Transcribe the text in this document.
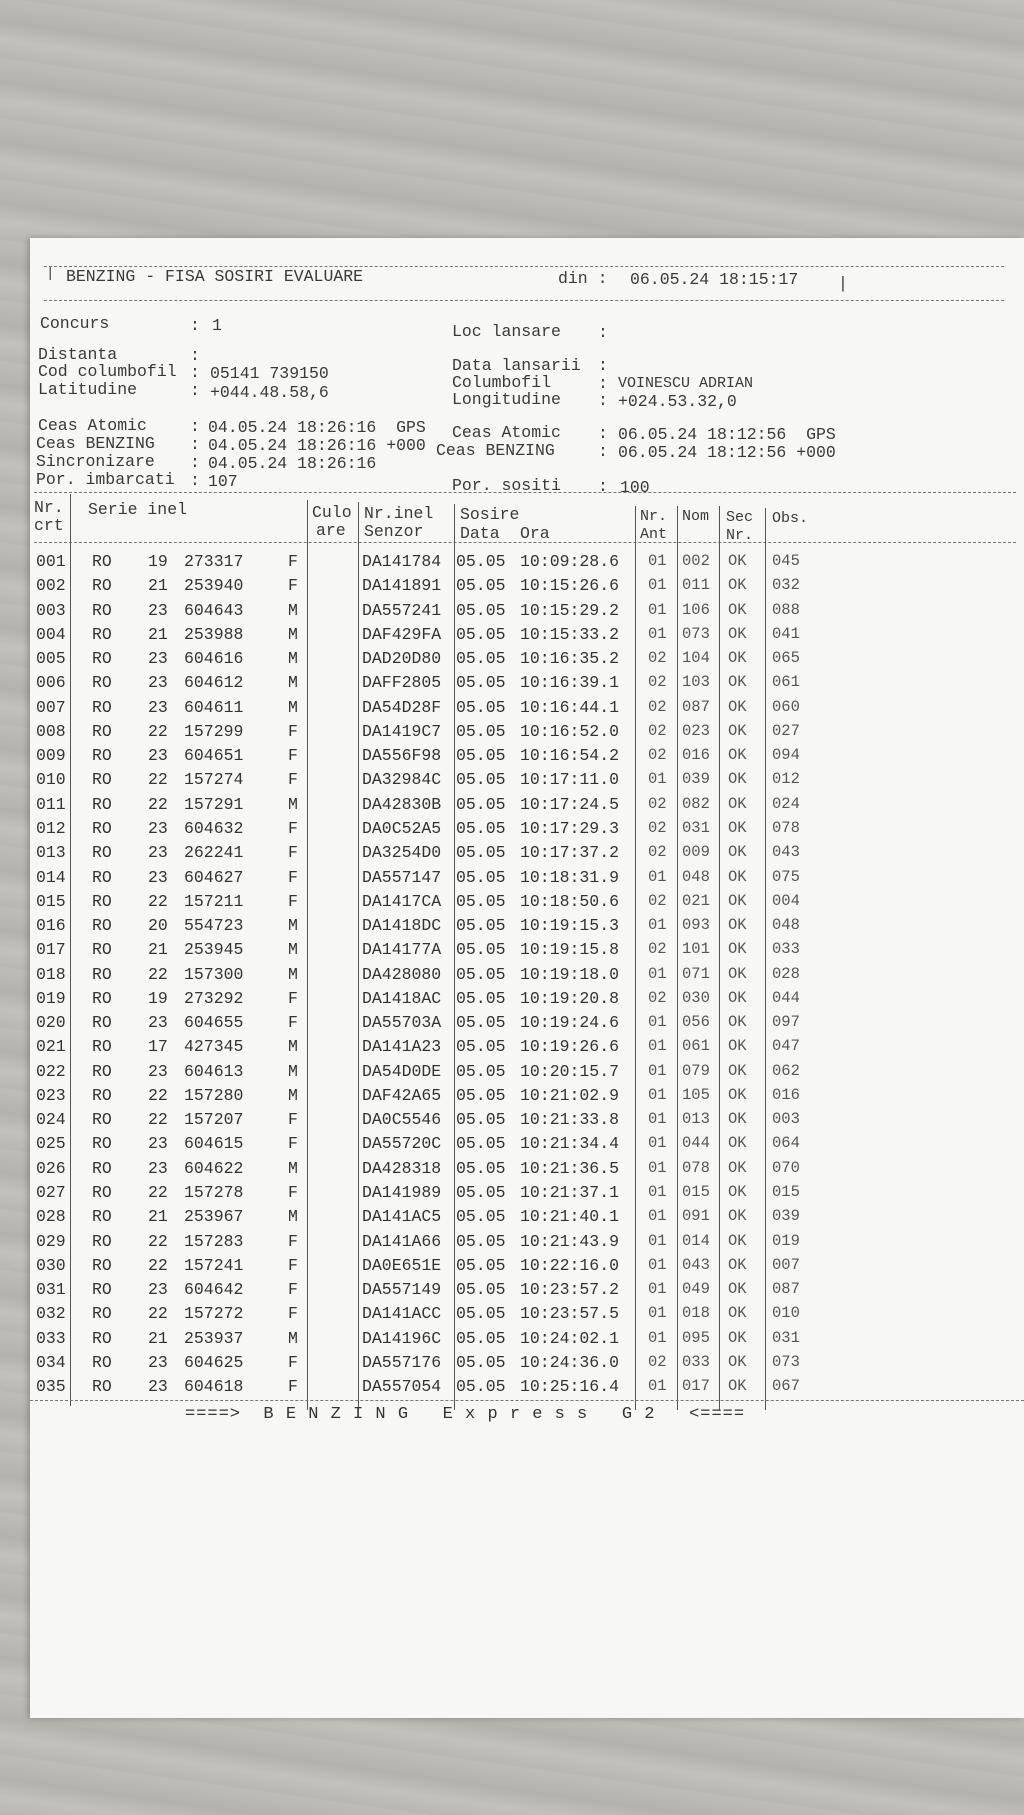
| BENZING - FISA SOSIRI EVALUARE	din : 06.05.24 18:15:17 |
Concurs	: 1
Distanta	:
Cod columbofil : 05141 739150
Latitudine	: +044.48.58,6
Ceas Atomic	: 04.05.24 18:26:16  GPS
Ceas BENZING : 04.05.24 18:26:16 +000
Sincronizare : 04.05.24 18:26:16
Por. imbarcati : 107
Loc lansare :
Data lansarii :
Columbofil	: VOINESCU ADRIAN
Longitudine : +024.53.32,0
Ceas Atomic : 06.05.24 18:12:56  GPS
Ceas BENZING	: 06.05.24 18:12:56 +000
Por. sositi : 100
Nr.
crt
Serie inel	Culo
are
Nr.inel
Senzor
Sosire
Data Ora
Nr.
Ant
Nom Sec
Nr.
Obs.
001 RO 19 273317	F	DA141784 05.05 10:09:28.6 01 002 OK 045
002 RO 21 253940	F	DA141891 05.05 10:15:26.6 01 011 OK 032
003 RO 23 604643	M	DA557241 05.05 10:15:29.2 01 106 OK 088
004 RO 21 253988	M	DAF429FA 05.05 10:15:33.2 01 073 OK 041
005 RO 23 604616	M	DAD20D80 05.05 10:16:35.2 02 104 OK 065
006 RO 23 604612	M	DAFF2805 05.05 10:16:39.1 02 103 OK 061
007 RO 23 604611	M	DA54D28F 05.05 10:16:44.1 02 087 OK 060
008 RO 22 157299	F	DA1419C7 05.05 10:16:52.0 02 023 OK 027
009 RO 23 604651	F	DA556F98 05.05 10:16:54.2 02 016 OK 094
010 RO 22 157274	F	DA32984C 05.05 10:17:11.0 01 039 OK 012
011 RO 22 157291	M	DA42830B 05.05 10:17:24.5 02 082 OK 024
012 RO 23 604632	F	DA0C52A5 05.05 10:17:29.3 02 031 OK 078
013 RO 23 262241	F	DA3254D0 05.05 10:17:37.2 02 009 OK 043
014 RO 23 604627	F	DA557147 05.05 10:18:31.9 01 048 OK 075
015 RO 22 157211	F	DA1417CA 05.05 10:18:50.6 02 021 OK 004
016 RO 20 554723	M	DA1418DC 05.05 10:19:15.3 01 093 OK 048
017 RO 21 253945	M	DA14177A 05.05 10:19:15.8 02 101 OK 033
018 RO 22 157300	M	DA428080 05.05 10:19:18.0 01 071 OK 028
019 RO 19 273292	F	DA1418AC 05.05 10:19:20.8 02 030 OK 044
020 RO 23 604655	F	DA55703A 05.05 10:19:24.6 01 056 OK 097
021 RO 17 427345	M	DA141A23 05.05 10:19:26.6 01 061 OK 047
022 RO 23 604613	M	DA54D0DE 05.05 10:20:15.7 01 079 OK 062
023 RO 22 157280	M	DAF42A65 05.05 10:21:02.9 01 105 OK 016
024 RO 22 157207	F	DA0C5546 05.05 10:21:33.8 01 013 OK 003
025 RO 23 604615	F	DA55720C 05.05 10:21:34.4 01 044 OK 064
026 RO 23 604622	M	DA428318 05.05 10:21:36.5 01 078 OK 070
027 RO 22 157278	F	DA141989 05.05 10:21:37.1 01 015 OK 015
028 RO 21 253967	M	DA141AC5 05.05 10:21:40.1 01 091 OK 039
029 RO 22 157283	F	DA141A66 05.05 10:21:43.9 01 014 OK 019
030 RO 22 157241	F	DA0E651E 05.05 10:22:16.0 01 043 OK 007
031 RO 23 604642	F	DA557149 05.05 10:23:57.2 01 049 OK 087
032 RO 22 157272	F	DA141ACC 05.05 10:23:57.5 01 018 OK 010
033 RO 21 253937	M	DA14196C 05.05 10:24:02.1 01 095 OK 031
034 RO 23 604625	F	DA557176 05.05 10:24:36.0 02 033 OK 073
035 RO 23 604618	F	DA557054 05.05 10:25:16.4 01 017 OK 067
====>  B E N Z I N G   E x p r e s s   G 2   <====
